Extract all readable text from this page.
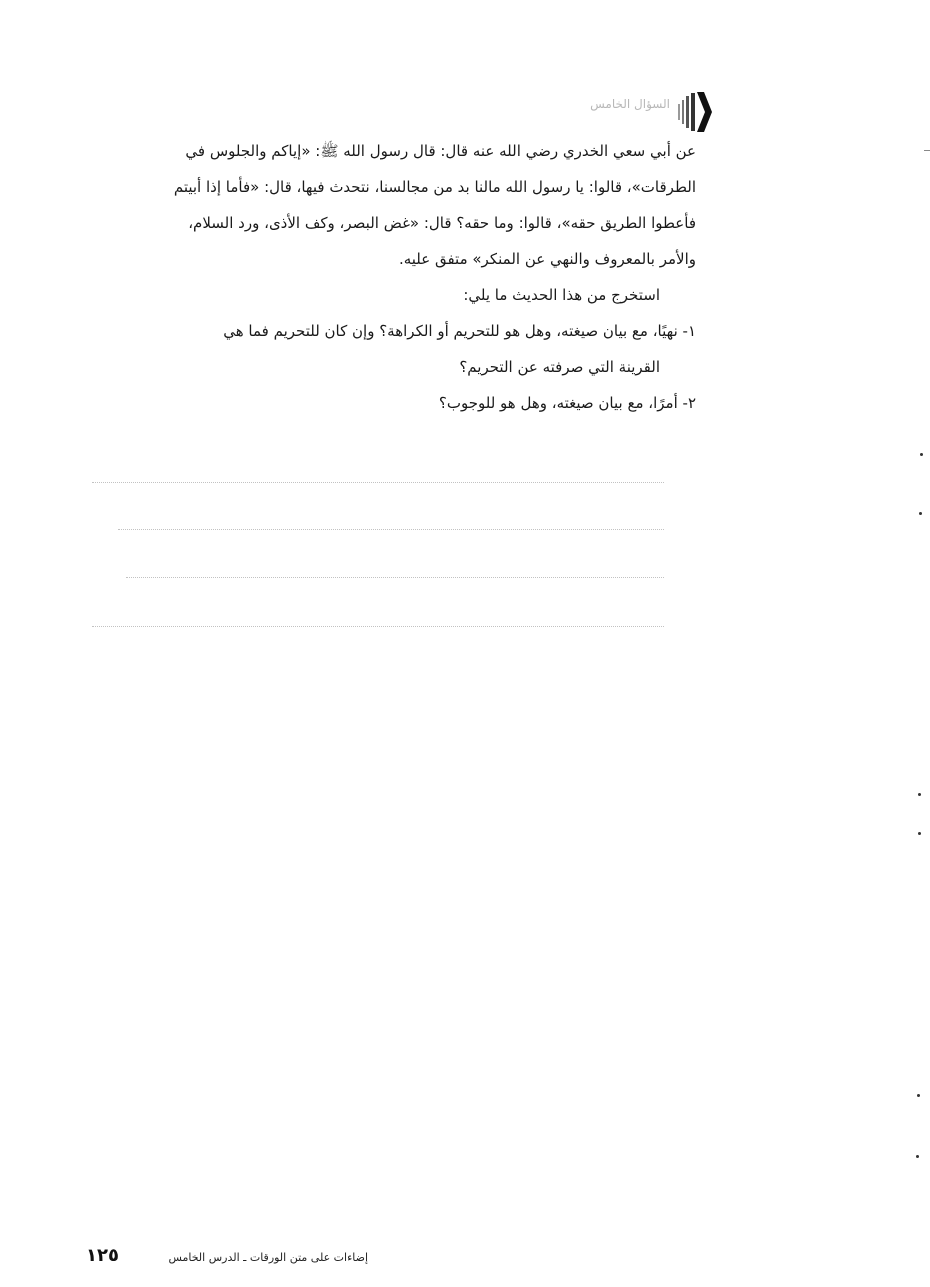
السؤال الخامس

عن أبي سعي الخدري رضي الله عنه قال: قال رسول الله ﷺ: «إياكم والجلوس في

الطرقات»، قالوا: يا رسول الله مالنا بد من مجالسنا، نتحدث فيها، قال: «فأما إذا أبيتم

فأعطوا الطريق حقه»، قالوا: وما حقه؟ قال: «غض البصر، وكف الأذى، ورد السلام،

والأمر بالمعروف والنهي عن المنكر» متفق عليه.

استخرج من هذا الحديث ما يلي:

١- نهيًا، مع بيان صيغته، وهل هو للتحريم أو الكراهة؟ وإن كان للتحريم فما هي
القرينة التي صرفته عن التحريم؟

٢- أمرًا، مع بيان صيغته، وهل هو للوجوب؟

١٢٥	إضاءات على متن الورقات ـ الدرس الخامس
